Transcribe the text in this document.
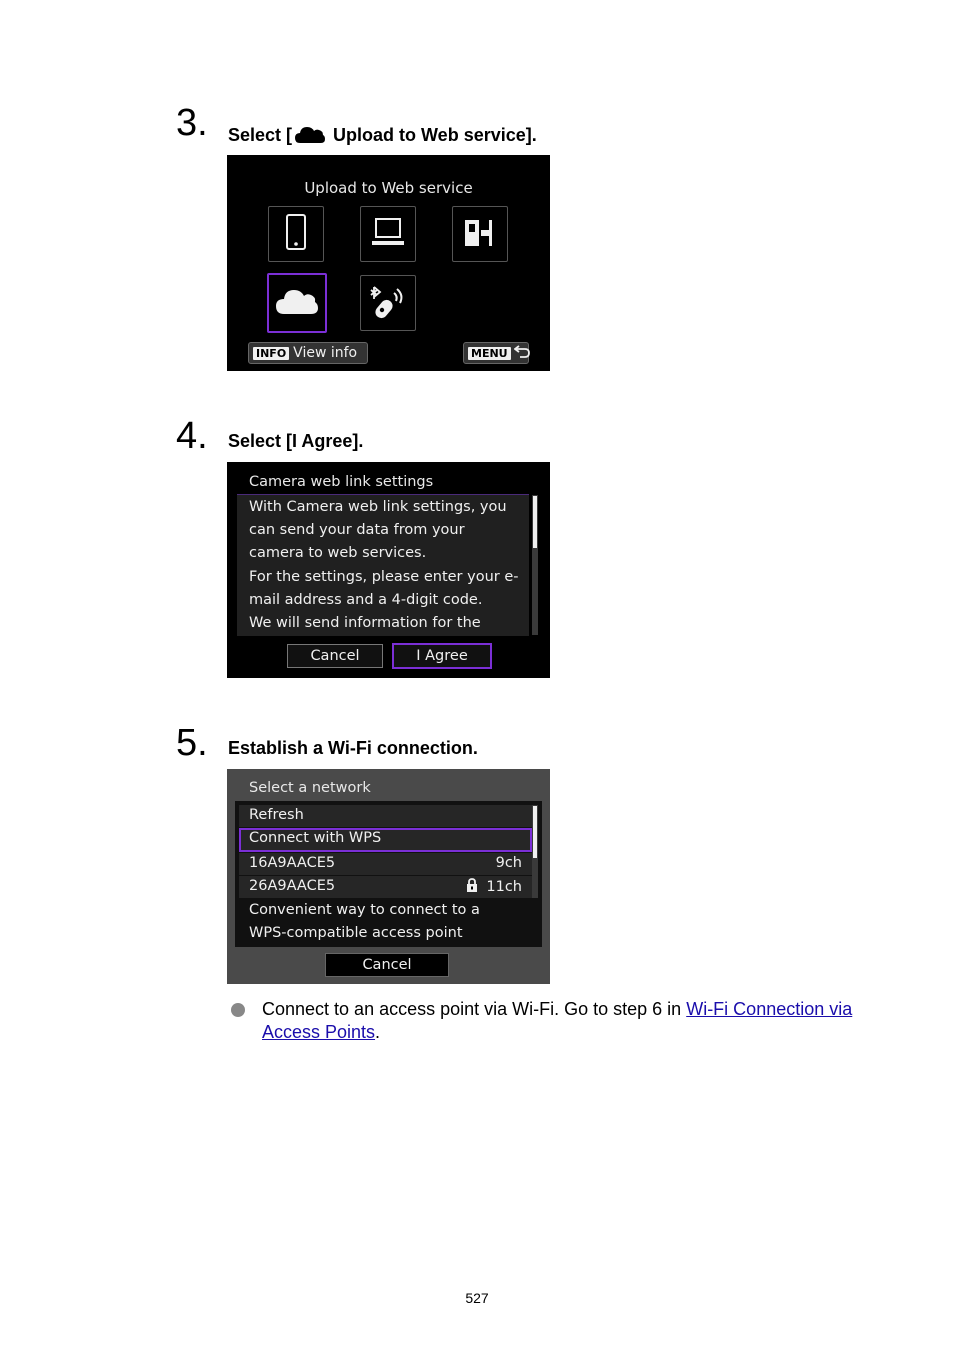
3. Select [ Upload to Web service].
Upload to Web service
INFO View info	MENU
4. Select [I Agree].
Camera web link settings
With Camera web link settings, you
can send your data from your
camera to web services.
For the settings, please enter your e-
mail address and a 4-digit code.
We will send information for the
Cancel	I Agree
5. Establish a Wi-Fi connection.
Select a network
Refresh
Connect with WPS
16A9AACE5	9ch
26A9AACE5	11ch
Convenient way to connect to a
WPS-compatible access point
Cancel
Connect to an access point via Wi-Fi. Go to step 6 in Wi-Fi Connection via Access Points.
527
